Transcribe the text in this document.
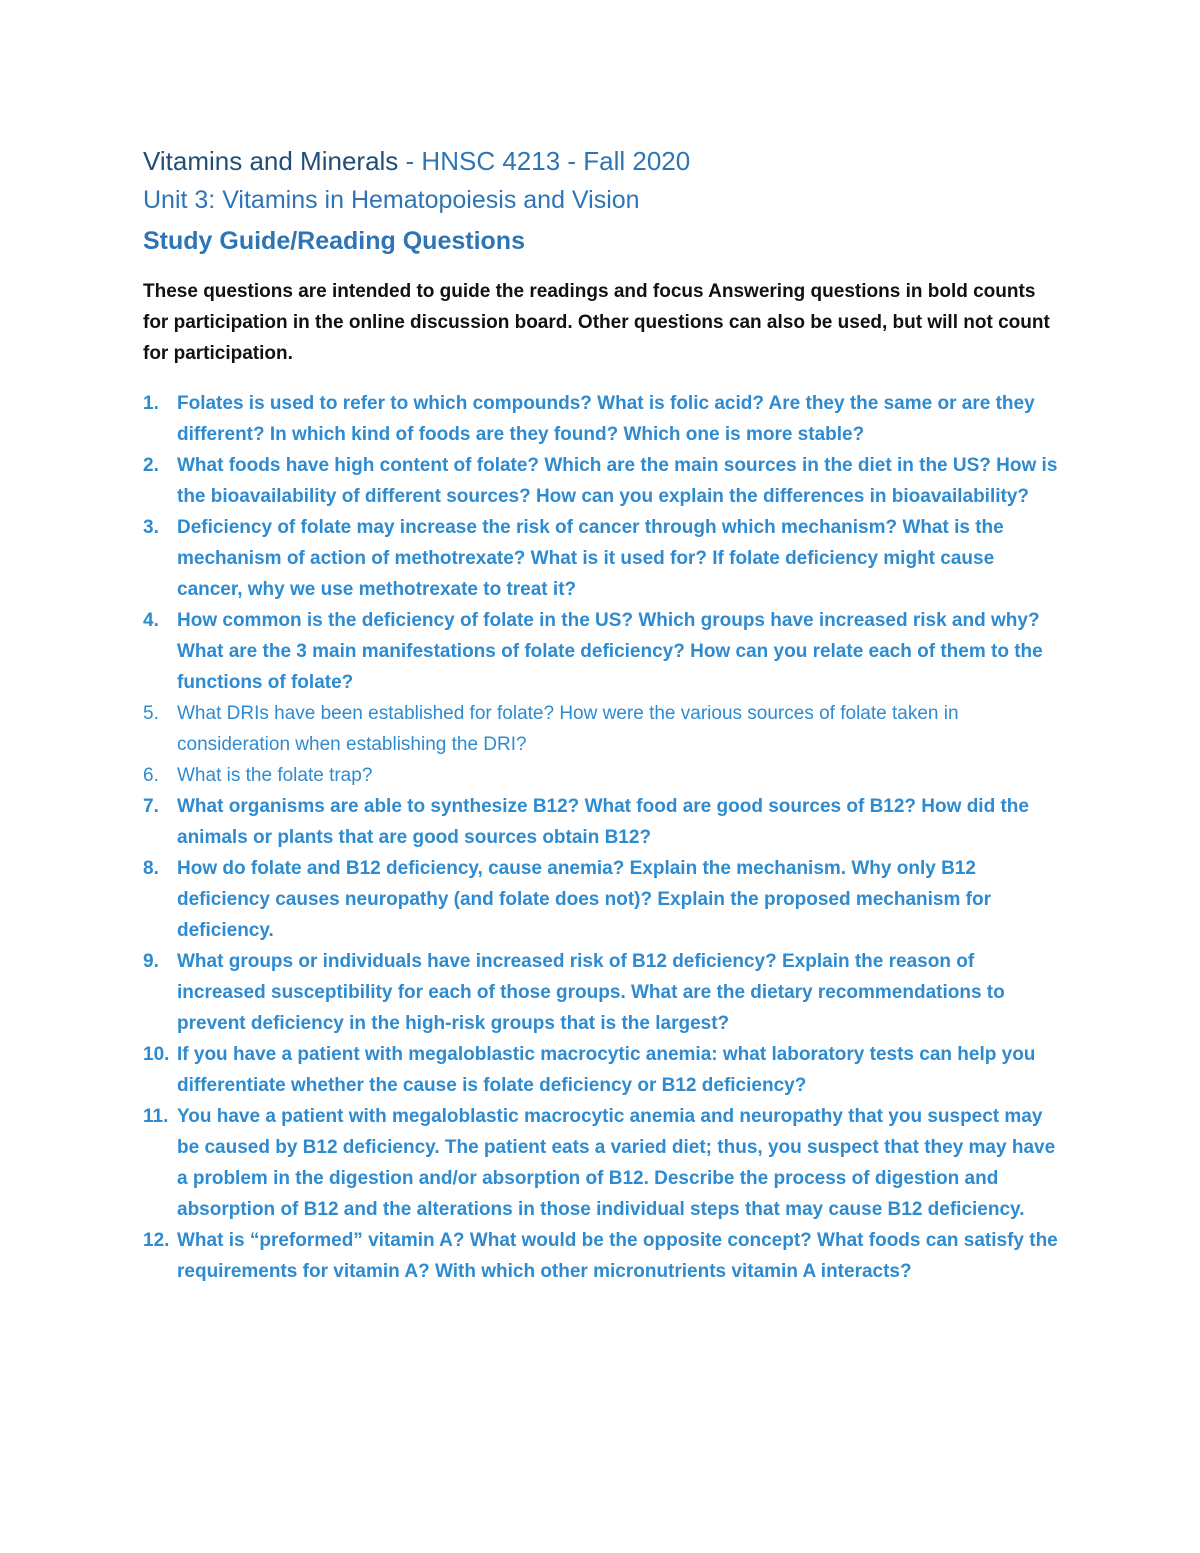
Vitamins and Minerals - HNSC 4213 - Fall 2020
Unit 3: Vitamins in Hematopoiesis and Vision
Study Guide/Reading Questions
These questions are intended to guide the readings and focus Answering questions in bold counts for participation in the online discussion board. Other questions can also be used, but will not count for participation.
1. Folates is used to refer to which compounds? What is folic acid? Are they the same or are they different? In which kind of foods are they found? Which one is more stable?
2. What foods have high content of folate? Which are the main sources in the diet in the US? How is the bioavailability of different sources? How can you explain the differences in bioavailability?
3. Deficiency of folate may increase the risk of cancer through which mechanism? What is the mechanism of action of methotrexate? What is it used for? If folate deficiency might cause cancer, why we use methotrexate to treat it?
4. How common is the deficiency of folate in the US? Which groups have increased risk and why? What are the 3 main manifestations of folate deficiency? How can you relate each of them to the functions of folate?
5. What DRIs have been established for folate? How were the various sources of folate taken in consideration when establishing the DRI?
6. What is the folate trap?
7. What organisms are able to synthesize B12? What food are good sources of B12? How did the animals or plants that are good sources obtain B12?
8. How do folate and B12 deficiency, cause anemia? Explain the mechanism. Why only B12 deficiency causes neuropathy (and folate does not)? Explain the proposed mechanism for deficiency.
9. What groups or individuals have increased risk of B12 deficiency? Explain the reason of increased susceptibility for each of those groups. What are the dietary recommendations to prevent deficiency in the high-risk groups that is the largest?
10. If you have a patient with megaloblastic macrocytic anemia: what laboratory tests can help you differentiate whether the cause is folate deficiency or B12 deficiency?
11. You have a patient with megaloblastic macrocytic anemia and neuropathy that you suspect may be caused by B12 deficiency. The patient eats a varied diet; thus, you suspect that they may have a problem in the digestion and/or absorption of B12. Describe the process of digestion and absorption of B12 and the alterations in those individual steps that may cause B12 deficiency.
12. What is “preformed” vitamin A? What would be the opposite concept? What foods can satisfy the requirements for vitamin A? With which other micronutrients vitamin A interacts?
